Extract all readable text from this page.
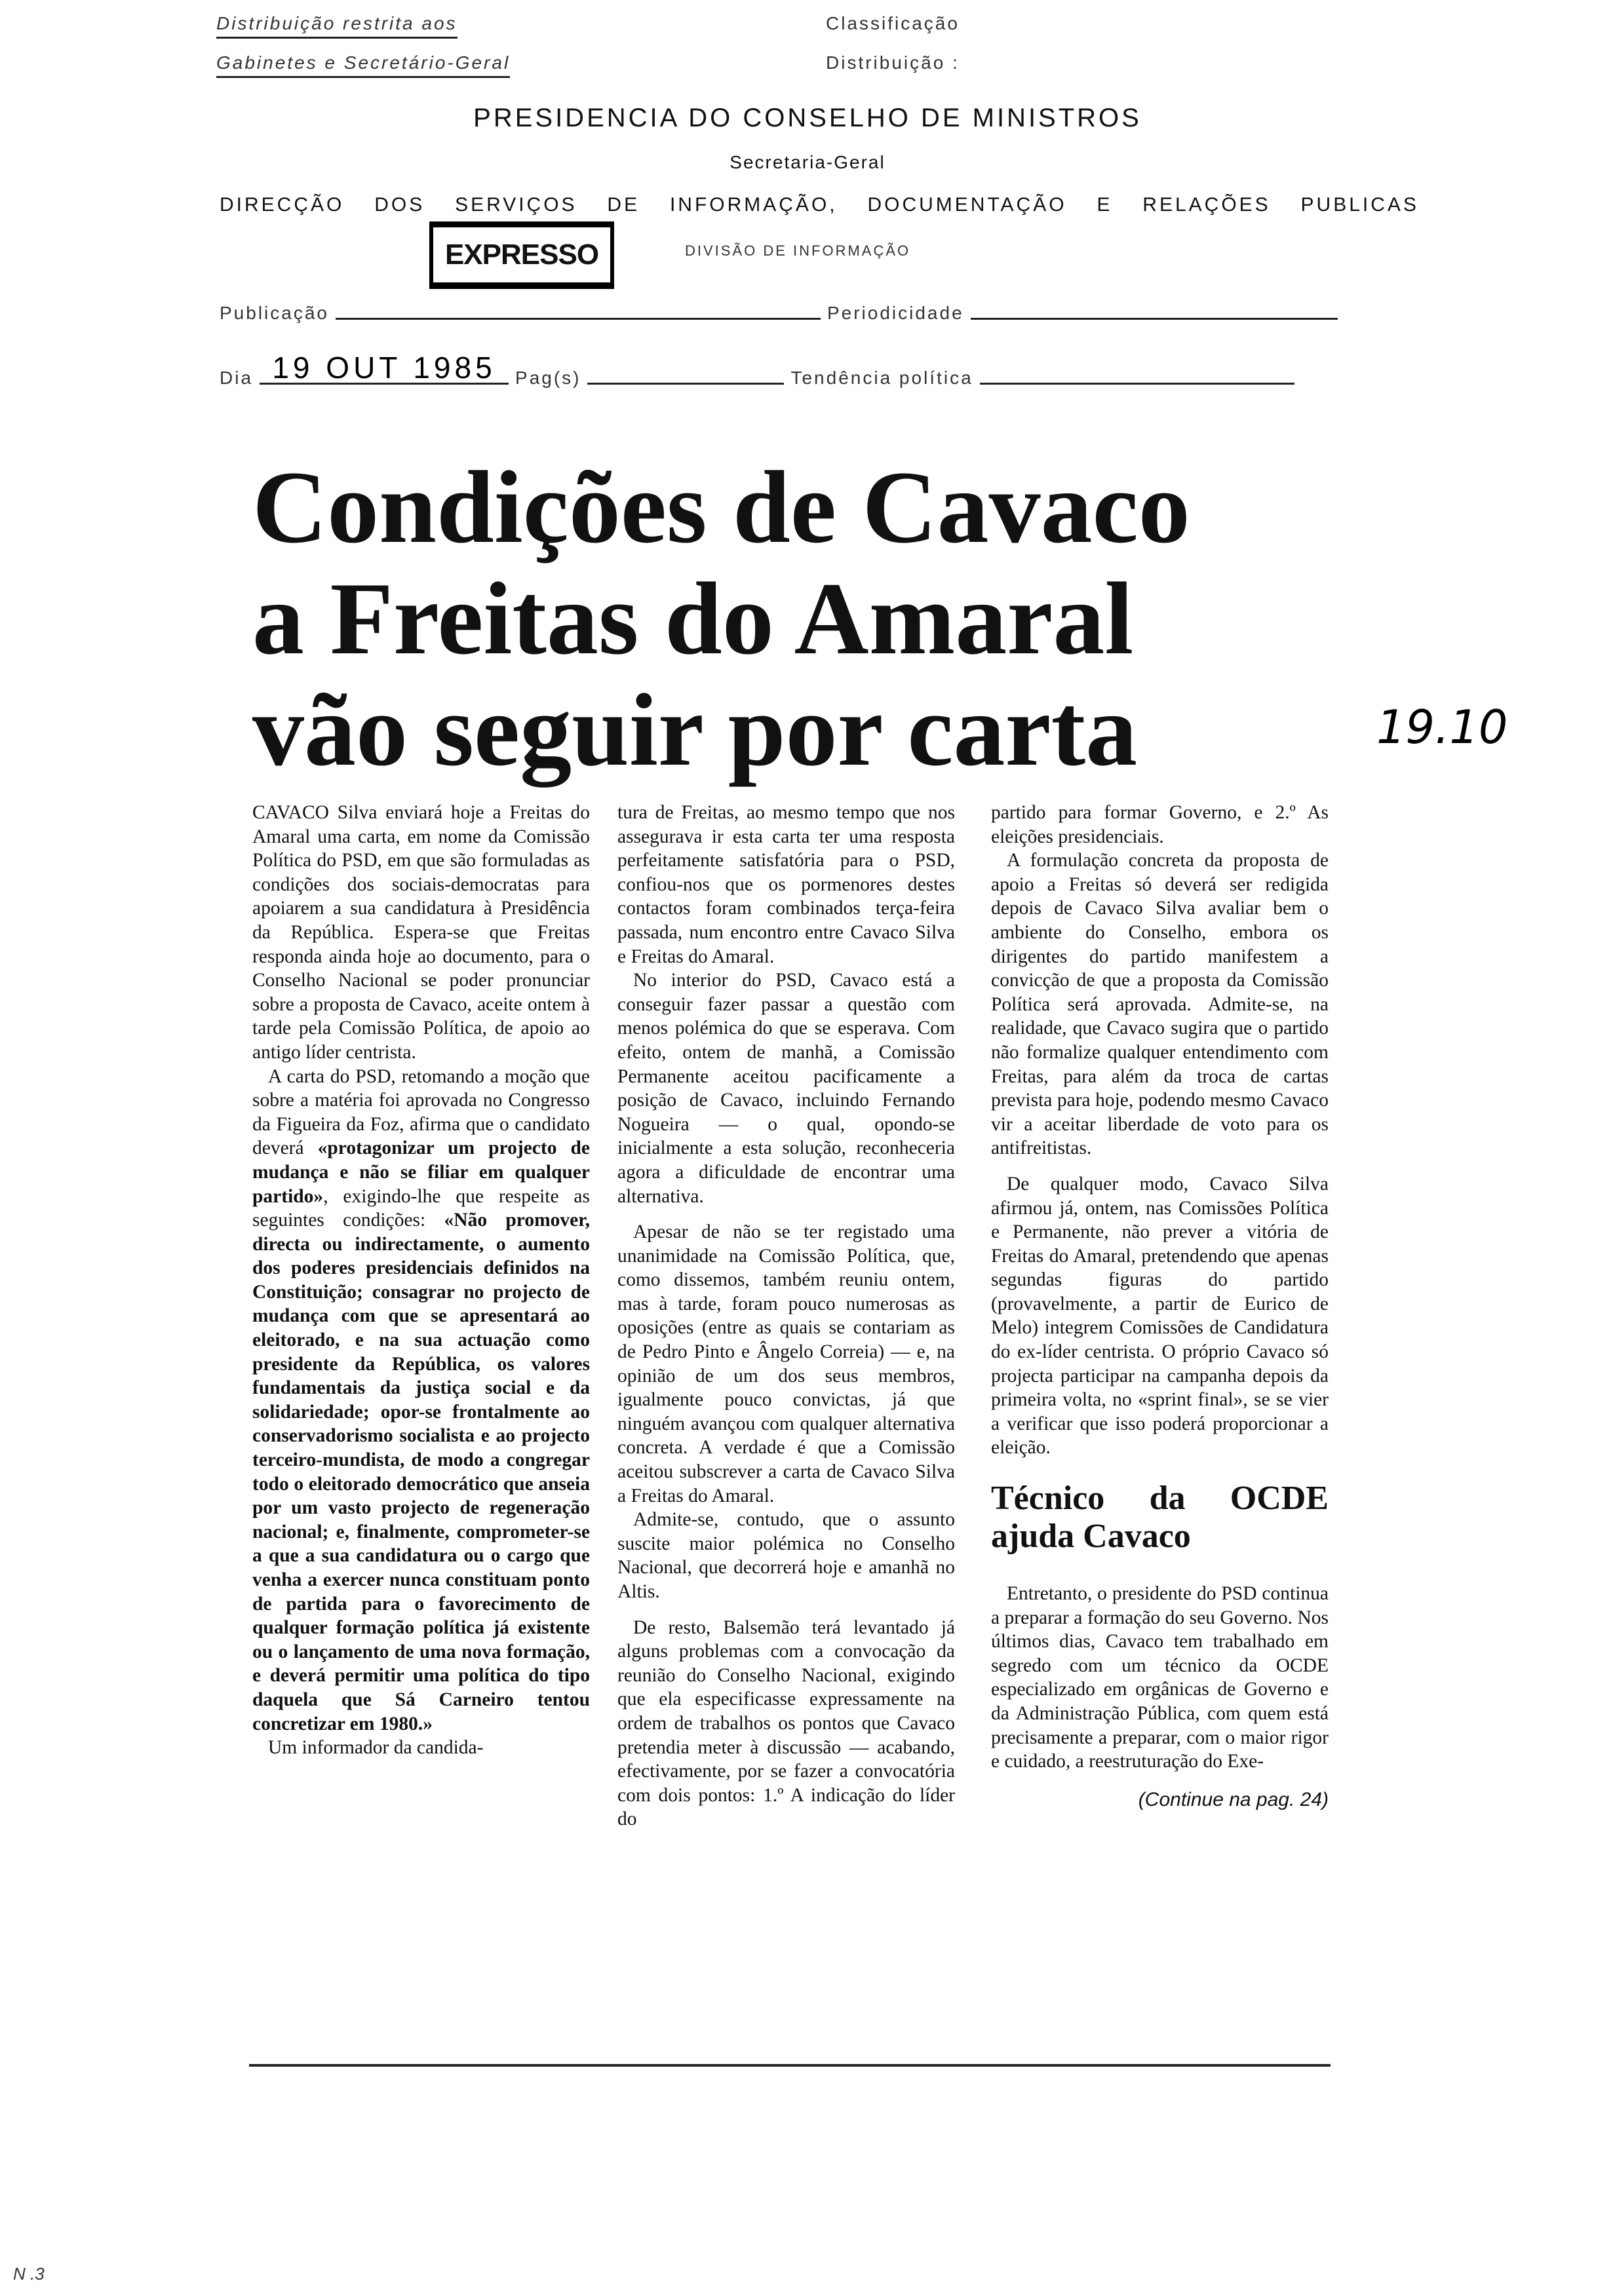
Distribuição restrita aos	Classificação
Gabinetes e Secretário-Geral	Distribuição :
PRESIDENCIA DO CONSELHO DE MINISTROS
Secretaria-Geral
DIRECÇÃO DOS SERVIÇOS DE INFORMAÇÃO, DOCUMENTAÇÃO E RELAÇÕES PUBLICAS
EXPRESSO	DIVISÃO DE INFORMAÇÃO
Publicação	Periodicidade
Dia 19 OUT 1985	Pag(s)	Tendência política
Condições de Cavaco
a Freitas do Amaral
vão seguir por carta	19.10

CAVACO Silva enviará hoje a Freitas do Amaral uma carta, em nome da Comissão Política do PSD, em que são formuladas as condições dos sociais-democratas para apoiarem a sua candidatura à Presidência da República. Espera-se que Freitas responda ainda hoje ao documento, para o Conselho Nacional se poder pronunciar sobre a proposta de Cavaco, aceite ontem à tarde pela Comissão Política, de apoio ao antigo líder centrista.

A carta do PSD, retomando a moção que sobre a matéria foi aprovada no Congresso da Figueira da Foz, afirma que o candidato deverá «protagonizar um projecto de mudança e não se filiar em qualquer partido», exigindo-lhe que respeite as seguintes condições: «Não promover, directa ou indirectamente, o aumento dos poderes presidenciais definidos na Constituição; consagrar no projecto de mudança com que se apresentará ao eleitorado, e na sua actuação como presidente da República, os valores fundamentais da justiça social e da solidariedade; opor-se frontalmente ao conservadorismo socialista e ao projecto terceiro-mundista, de modo a congregar todo o eleitorado democrático que anseia por um vasto projecto de regeneração nacional; e, finalmente, comprometer-se a que a sua candidatura ou o cargo que venha a exercer nunca constituam ponto de partida para o favorecimento de qualquer formação política já existente ou o lançamento de uma nova formação, e deverá permitir uma política do tipo daquela que Sá Carneiro tentou concretizar em 1980.»

Um informador da candida-

tura de Freitas, ao mesmo tempo que nos assegurava ir esta carta ter uma resposta perfeitamente satisfatória para o PSD, confiou-nos que os pormenores destes contactos foram combinados terça-feira passada, num encontro entre Cavaco Silva e Freitas do Amaral.

No interior do PSD, Cavaco está a conseguir fazer passar a questão com menos polémica do que se esperava. Com efeito, ontem de manhã, a Comissão Permanente aceitou pacificamente a posição de Cavaco, incluindo Fernando Nogueira — o qual, opondo-se inicialmente a esta solução, reconheceria agora a dificuldade de encontrar uma alternativa.

Apesar de não se ter registado uma unanimidade na Comissão Política, que, como dissemos, também reuniu ontem, mas à tarde, foram pouco numerosas as oposições (entre as quais se contariam as de Pedro Pinto e Ângelo Correia) — e, na opinião de um dos seus membros, igualmente pouco convictas, já que ninguém avançou com qualquer alternativa concreta. A verdade é que a Comissão aceitou subscrever a carta de Cavaco Silva a Freitas do Amaral.

Admite-se, contudo, que o assunto suscite maior polémica no Conselho Nacional, que decorrerá hoje e amanhã no Altis.

De resto, Balsemão terá levantado já alguns problemas com a convocação da reunião do Conselho Nacional, exigindo que ela especificasse expressamente na ordem de trabalhos os pontos que Cavaco pretendia meter à discussão — acabando, efectivamente, por se fazer a convocatória com dois pontos: 1.º A indicação do líder do

partido para formar Governo, e 2.º As eleições presidenciais.

A formulação concreta da proposta de apoio a Freitas só deverá ser redigida depois de Cavaco Silva avaliar bem o ambiente do Conselho, embora os dirigentes do partido manifestem a convicção de que a proposta da Comissão Política será aprovada. Admite-se, na realidade, que Cavaco sugira que o partido não formalize qualquer entendimento com Freitas, para além da troca de cartas prevista para hoje, podendo mesmo Cavaco vir a aceitar liberdade de voto para os antifreitistas.

De qualquer modo, Cavaco Silva afirmou já, ontem, nas Comissões Política e Permanente, não prever a vitória de Freitas do Amaral, pretendendo que apenas segundas figuras do partido (provavelmente, a partir de Eurico de Melo) integrem Comissões de Candidatura do ex-líder centrista. O próprio Cavaco só projecta participar na campanha depois da primeira volta, no «sprint final», se se vier a verificar que isso poderá proporcionar a eleição.

Técnico da OCDE ajuda Cavaco

Entretanto, o presidente do PSD continua a preparar a formação do seu Governo. Nos últimos dias, Cavaco tem trabalhado em segredo com um técnico da OCDE especializado em orgânicas de Governo e da Administração Pública, com quem está precisamente a preparar, com o maior rigor e cuidado, a reestruturação do Exe-

(Continue na pag. 24)
N .3
